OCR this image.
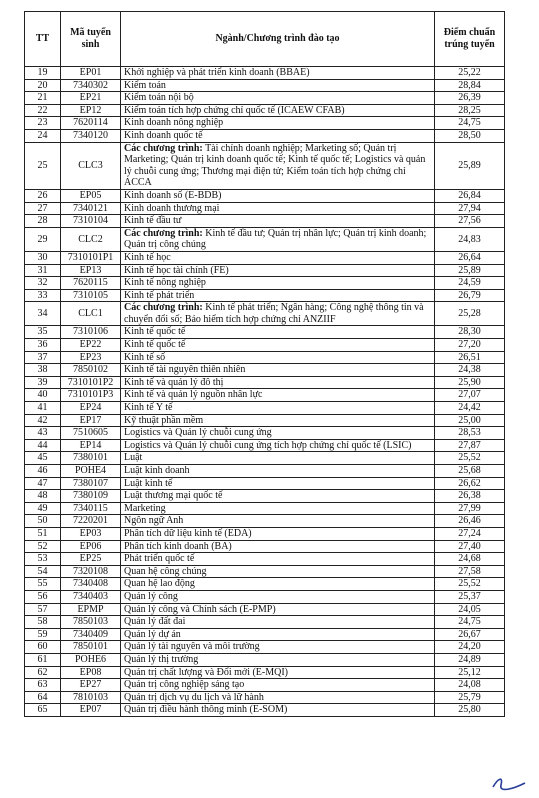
TT	Mã tuyển sinh	Ngành/Chương trình đào tạo	Điểm chuẩn trúng tuyển
19	EP01	Khởi nghiệp và phát triển kinh doanh (BBAE)	25,22
20	7340302	Kiểm toán	28,84
21	EP21	Kiểm toán nội bộ	26,39
22	EP12	Kiểm toán tích hợp chứng chỉ quốc tế (ICAEW CFAB)	28,25
23	7620114	Kinh doanh nông nghiệp	24,75
24	7340120	Kinh doanh quốc tế	28,50
25	CLC3	Các chương trình: Tài chính doanh nghiệp; Marketing số; Quản trị Marketing; Quản trị kinh doanh quốc tế; Kinh tế quốc tế; Logistics và quản lý chuỗi cung ứng; Thương mại điện tử; Kiểm toán tích hợp chứng chỉ ACCA	25,89
26	EP05	Kinh doanh số (E-BDB)	26,84
27	7340121	Kinh doanh thương mại	27,94
28	7310104	Kinh tế đầu tư	27,56
29	CLC2	Các chương trình: Kinh tế đầu tư; Quản trị nhân lực; Quản trị kinh doanh; Quản trị công chúng	24,83
30	7310101P1	Kinh tế học	26,64
31	EP13	Kinh tế học tài chính (FE)	25,89
32	7620115	Kinh tế nông nghiệp	24,59
33	7310105	Kinh tế phát triển	26,79
34	CLC1	Các chương trình: Kinh tế phát triển; Ngân hàng; Công nghệ thông tin và chuyển đổi số; Bảo hiểm tích hợp chứng chỉ ANZIIF	25,28
35	7310106	Kinh tế quốc tế	28,30
36	EP22	Kinh tế quốc tế	27,20
37	EP23	Kinh tế số	26,51
38	7850102	Kinh tế tài nguyên thiên nhiên	24,38
39	7310101P2	Kinh tế và quản lý đô thị	25,90
40	7310101P3	Kinh tế và quản lý nguồn nhân lực	27,07
41	EP24	Kinh tế Y tế	24,42
42	EP17	Kỹ thuật phần mềm	25,00
43	7510605	Logistics và Quản lý chuỗi cung ứng	28,53
44	EP14	Logistics và Quản lý chuỗi cung ứng tích hợp chứng chỉ quốc tế (LSIC)	27,87
45	7380101	Luật	25,52
46	POHE4	Luật kinh doanh	25,68
47	7380107	Luật kinh tế	26,62
48	7380109	Luật thương mại quốc tế	26,38
49	7340115	Marketing	27,99
50	7220201	Ngôn ngữ Anh	26,46
51	EP03	Phân tích dữ liệu kinh tế (EDA)	27,24
52	EP06	Phân tích kinh doanh (BA)	27,40
53	EP25	Phát triển quốc tế	24,68
54	7320108	Quan hệ công chúng	27,58
55	7340408	Quan hệ lao động	25,52
56	7340403	Quản lý công	25,37
57	EPMP	Quản lý công và Chính sách (E-PMP)	24,05
58	7850103	Quản lý đất đai	24,75
59	7340409	Quản lý dự án	26,67
60	7850101	Quản lý tài nguyên và môi trường	24,20
61	POHE6	Quản lý thị trường	24,89
62	EP08	Quản trị chất lượng và Đổi mới (E-MQI)	25,12
63	EP27	Quản trị công nghiệp sáng tạo	24,08
64	7810103	Quản trị dịch vụ du lịch và lữ hành	25,79
65	EP07	Quản trị điều hành thông minh (E-SOM)	25,80
